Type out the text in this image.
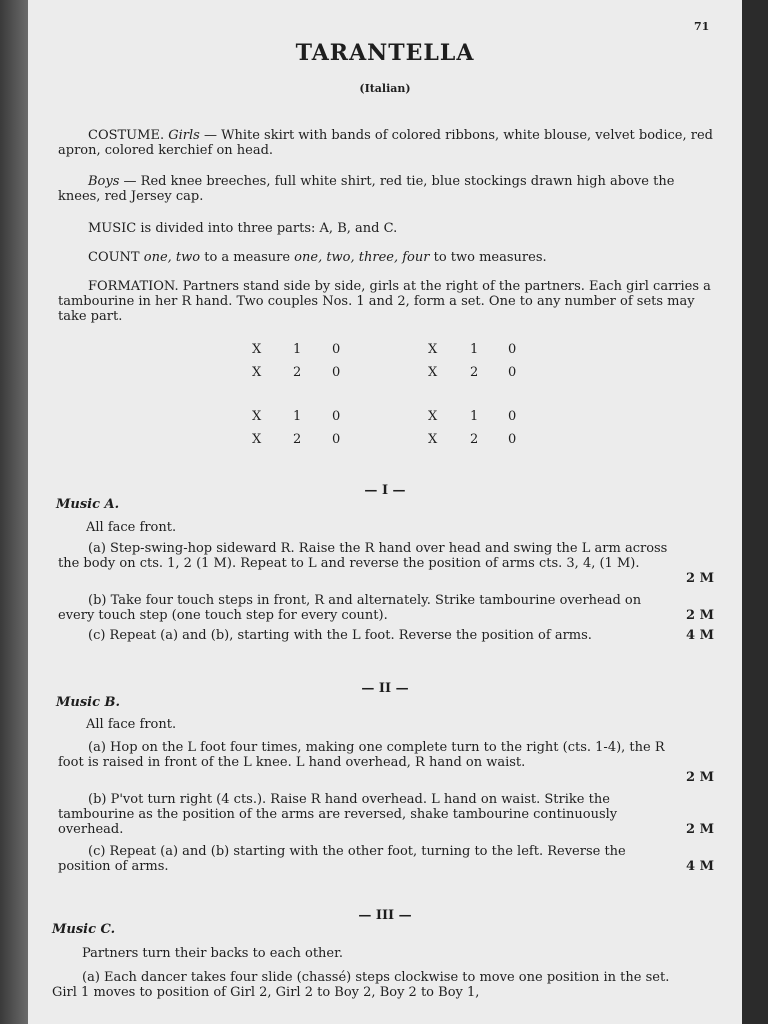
71
TARANTELLA
(Italian)
COSTUME. Girls — White skirt with bands of colored ribbons, white blouse, velvet bodice, red apron, colored kerchief on head.
Boys — Red knee breeches, full white shirt, red tie, blue stockings drawn high above the knees, red Jersey cap.
MUSIC is divided into three parts: A, B, and C.
COUNT one, two to a measure one, two, three, four to two measures.
FORMATION. Partners stand side by side, girls at the right of the partners. Each girl carries a tambourine in her R hand. Two couples Nos. 1 and 2, form a set. One to any number of sets may take part.
X 1 0	X	1 0
X 2 0	X	2 0
X 1 0	X	1 0
X 2 0	X	2 0
— I —
Music A.
All face front.
(a) Step-swing-hop sideward R. Raise the R hand over head and swing the L arm across the body on cts. 1, 2 (1 M). Repeat to L and reverse the position of arms cts. 3, 4, (1 M).
2 M
(b) Take four touch steps in front, R and alternately. Strike tambourine overhead on every touch step (one touch step for every count).	2 M
(c) Repeat (a) and (b), starting with the L foot. Reverse the position of arms.	4 M
— II —
Music B.
All face front.
(a) Hop on the L foot four times, making one complete turn to the right (cts. 1-4), the R foot is raised in front of the L knee. L hand overhead, R hand on waist.
2 M
(b) P'vot turn right (4 cts.). Raise R hand overhead. L hand on waist. Strike the tambourine as the position of the arms are reversed, shake tambourine continuously overhead.	2 M
(c) Repeat (a) and (b) starting with the other foot, turning to the left. Reverse the position of arms.	4 M
— III —
Music C.
Partners turn their backs to each other.
(a) Each dancer takes four slide (chassé) steps clockwise to move one position in the set. Girl 1 moves to position of Girl 2, Girl 2 to Boy 2, Boy 2 to Boy 1,
